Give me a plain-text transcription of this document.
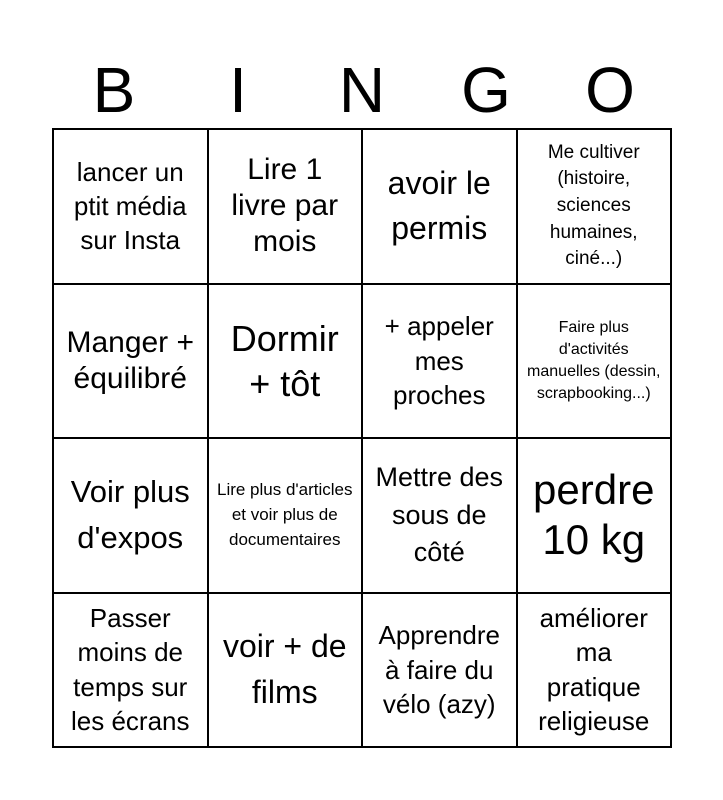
B	I	N	G	O
lancer un ptit média sur Insta
Lire 1 livre par mois
avoir le permis
Me cultiver (histoire, sciences humaines, ciné...)
Manger + équilibré
Dormir + tôt
+ appeler mes proches
Faire plus d'activités manuelles (dessin, scrapbooking...)
Voir plus d'expos
Lire plus d'articles et voir plus de documentaires
Mettre des sous de côté
perdre 10 kg
Passer moins de temps sur les écrans
voir + de films
Apprendre à faire du vélo (azy)
améliorer ma pratique religieuse
